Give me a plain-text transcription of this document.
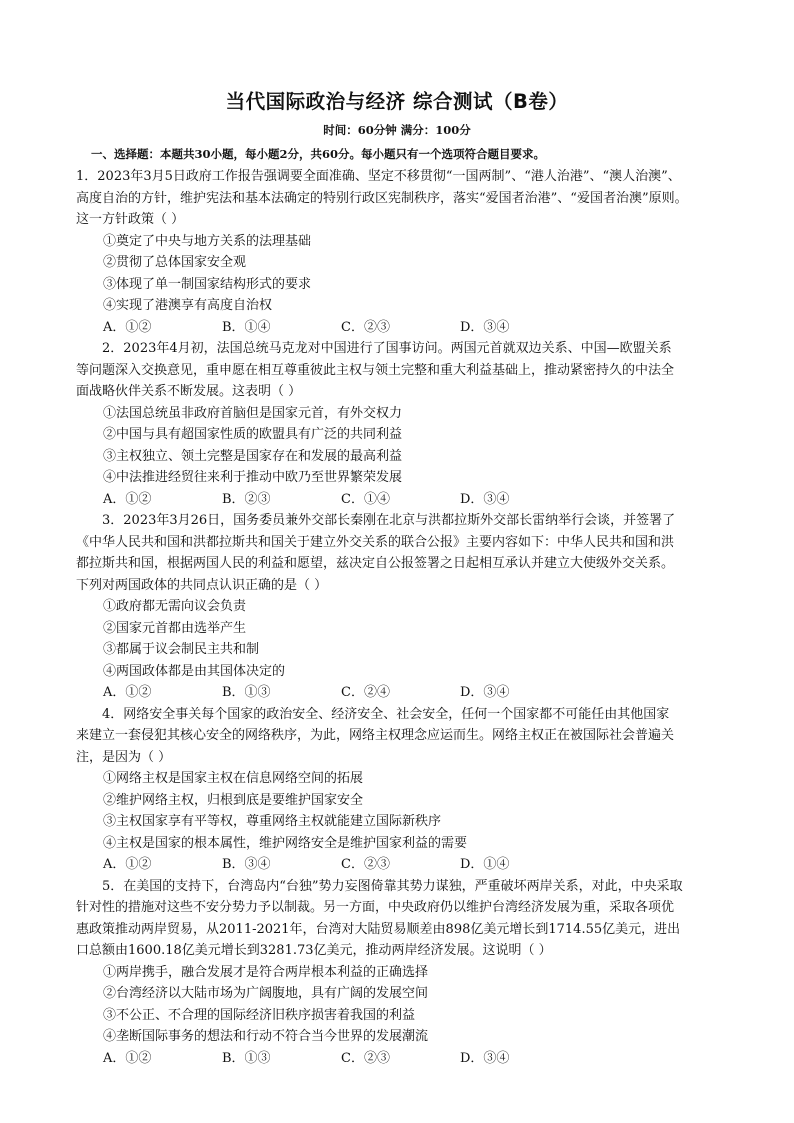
当代国际政治与经济 综合测试（B卷）
时间：60分钟 满分：100分
一、选择题：本题共30小题，每小题2分，共60分。每小题只有一个选项符合题目要求。
1．2023年3月5日政府工作报告强调要全面准确、坚定不移贯彻“一国两制”、“港人治港”、“澳人治澳”、
高度自治的方针，维护宪法和基本法确定的特别行政区宪制秩序，落实“爱国者治港”、“爱国者治澳”原则。
这一方针政策（ ）
①奠定了中央与地方关系的法理基础
②贯彻了总体国家安全观
③体现了单一制国家结构形式的要求
④实现了港澳享有高度自治权
A．①②	B．①④	C．②③	D．③④
2．2023年4月初，法国总统马克龙对中国进行了国事访问。两国元首就双边关系、中国—欧盟关系
等问题深入交换意见，重申愿在相互尊重彼此主权与领土完整和重大利益基础上，推动紧密持久的中法全
面战略伙伴关系不断发展。这表明（ ）
①法国总统虽非政府首脑但是国家元首，有外交权力
②中国与具有超国家性质的欧盟具有广泛的共同利益
③主权独立、领土完整是国家存在和发展的最高利益
④中法推进经贸往来利于推动中欧乃至世界繁荣发展
A．①②	B．②③	C．①④	D．③④
3．2023年3月26日，国务委员兼外交部长秦刚在北京与洪都拉斯外交部长雷纳举行会谈，并签署了
《中华人民共和国和洪都拉斯共和国关于建立外交关系的联合公报》主要内容如下：中华人民共和国和洪
都拉斯共和国，根据两国人民的利益和愿望，兹决定自公报签署之日起相互承认并建立大使级外交关系。
下列对两国政体的共同点认识正确的是（ ）
①政府都无需向议会负责
②国家元首都由选举产生
③都属于议会制民主共和制
④两国政体都是由其国体决定的
A．①②	B．①③	C．②④	D．③④
4．网络安全事关每个国家的政治安全、经济安全、社会安全，任何一个国家都不可能任由其他国家
来建立一套侵犯其核心安全的网络秩序，为此，网络主权理念应运而生。网络主权正在被国际社会普遍关
注，是因为（ ）
①网络主权是国家主权在信息网络空间的拓展
②维护网络主权，归根到底是要维护国家安全
③主权国家享有平等权，尊重网络主权就能建立国际新秩序
④主权是国家的根本属性，维护网络安全是维护国家利益的需要
A．①②	B．③④	C．②③	D．①④
5．在美国的支持下，台湾岛内“台独”势力妄图倚靠其势力谋独，严重破坏两岸关系，对此，中央采取
针对性的措施对这些不安分势力予以制裁。另一方面，中央政府仍以维护台湾经济发展为重，采取各项优
惠政策推动两岸贸易，从2011-2021年，台湾对大陆贸易顺差由898亿美元增长到1714.55亿美元，进出
口总额由1600.18亿美元增长到3281.73亿美元，推动两岸经济发展。这说明（ ）
①两岸携手，融合发展才是符合两岸根本利益的正确选择
②台湾经济以大陆市场为广阔腹地，具有广阔的发展空间
③不公正、不合理的国际经济旧秩序损害着我国的利益
④垄断国际事务的想法和行动不符合当今世界的发展潮流
A．①②	B．①③	C．②③	D．③④
